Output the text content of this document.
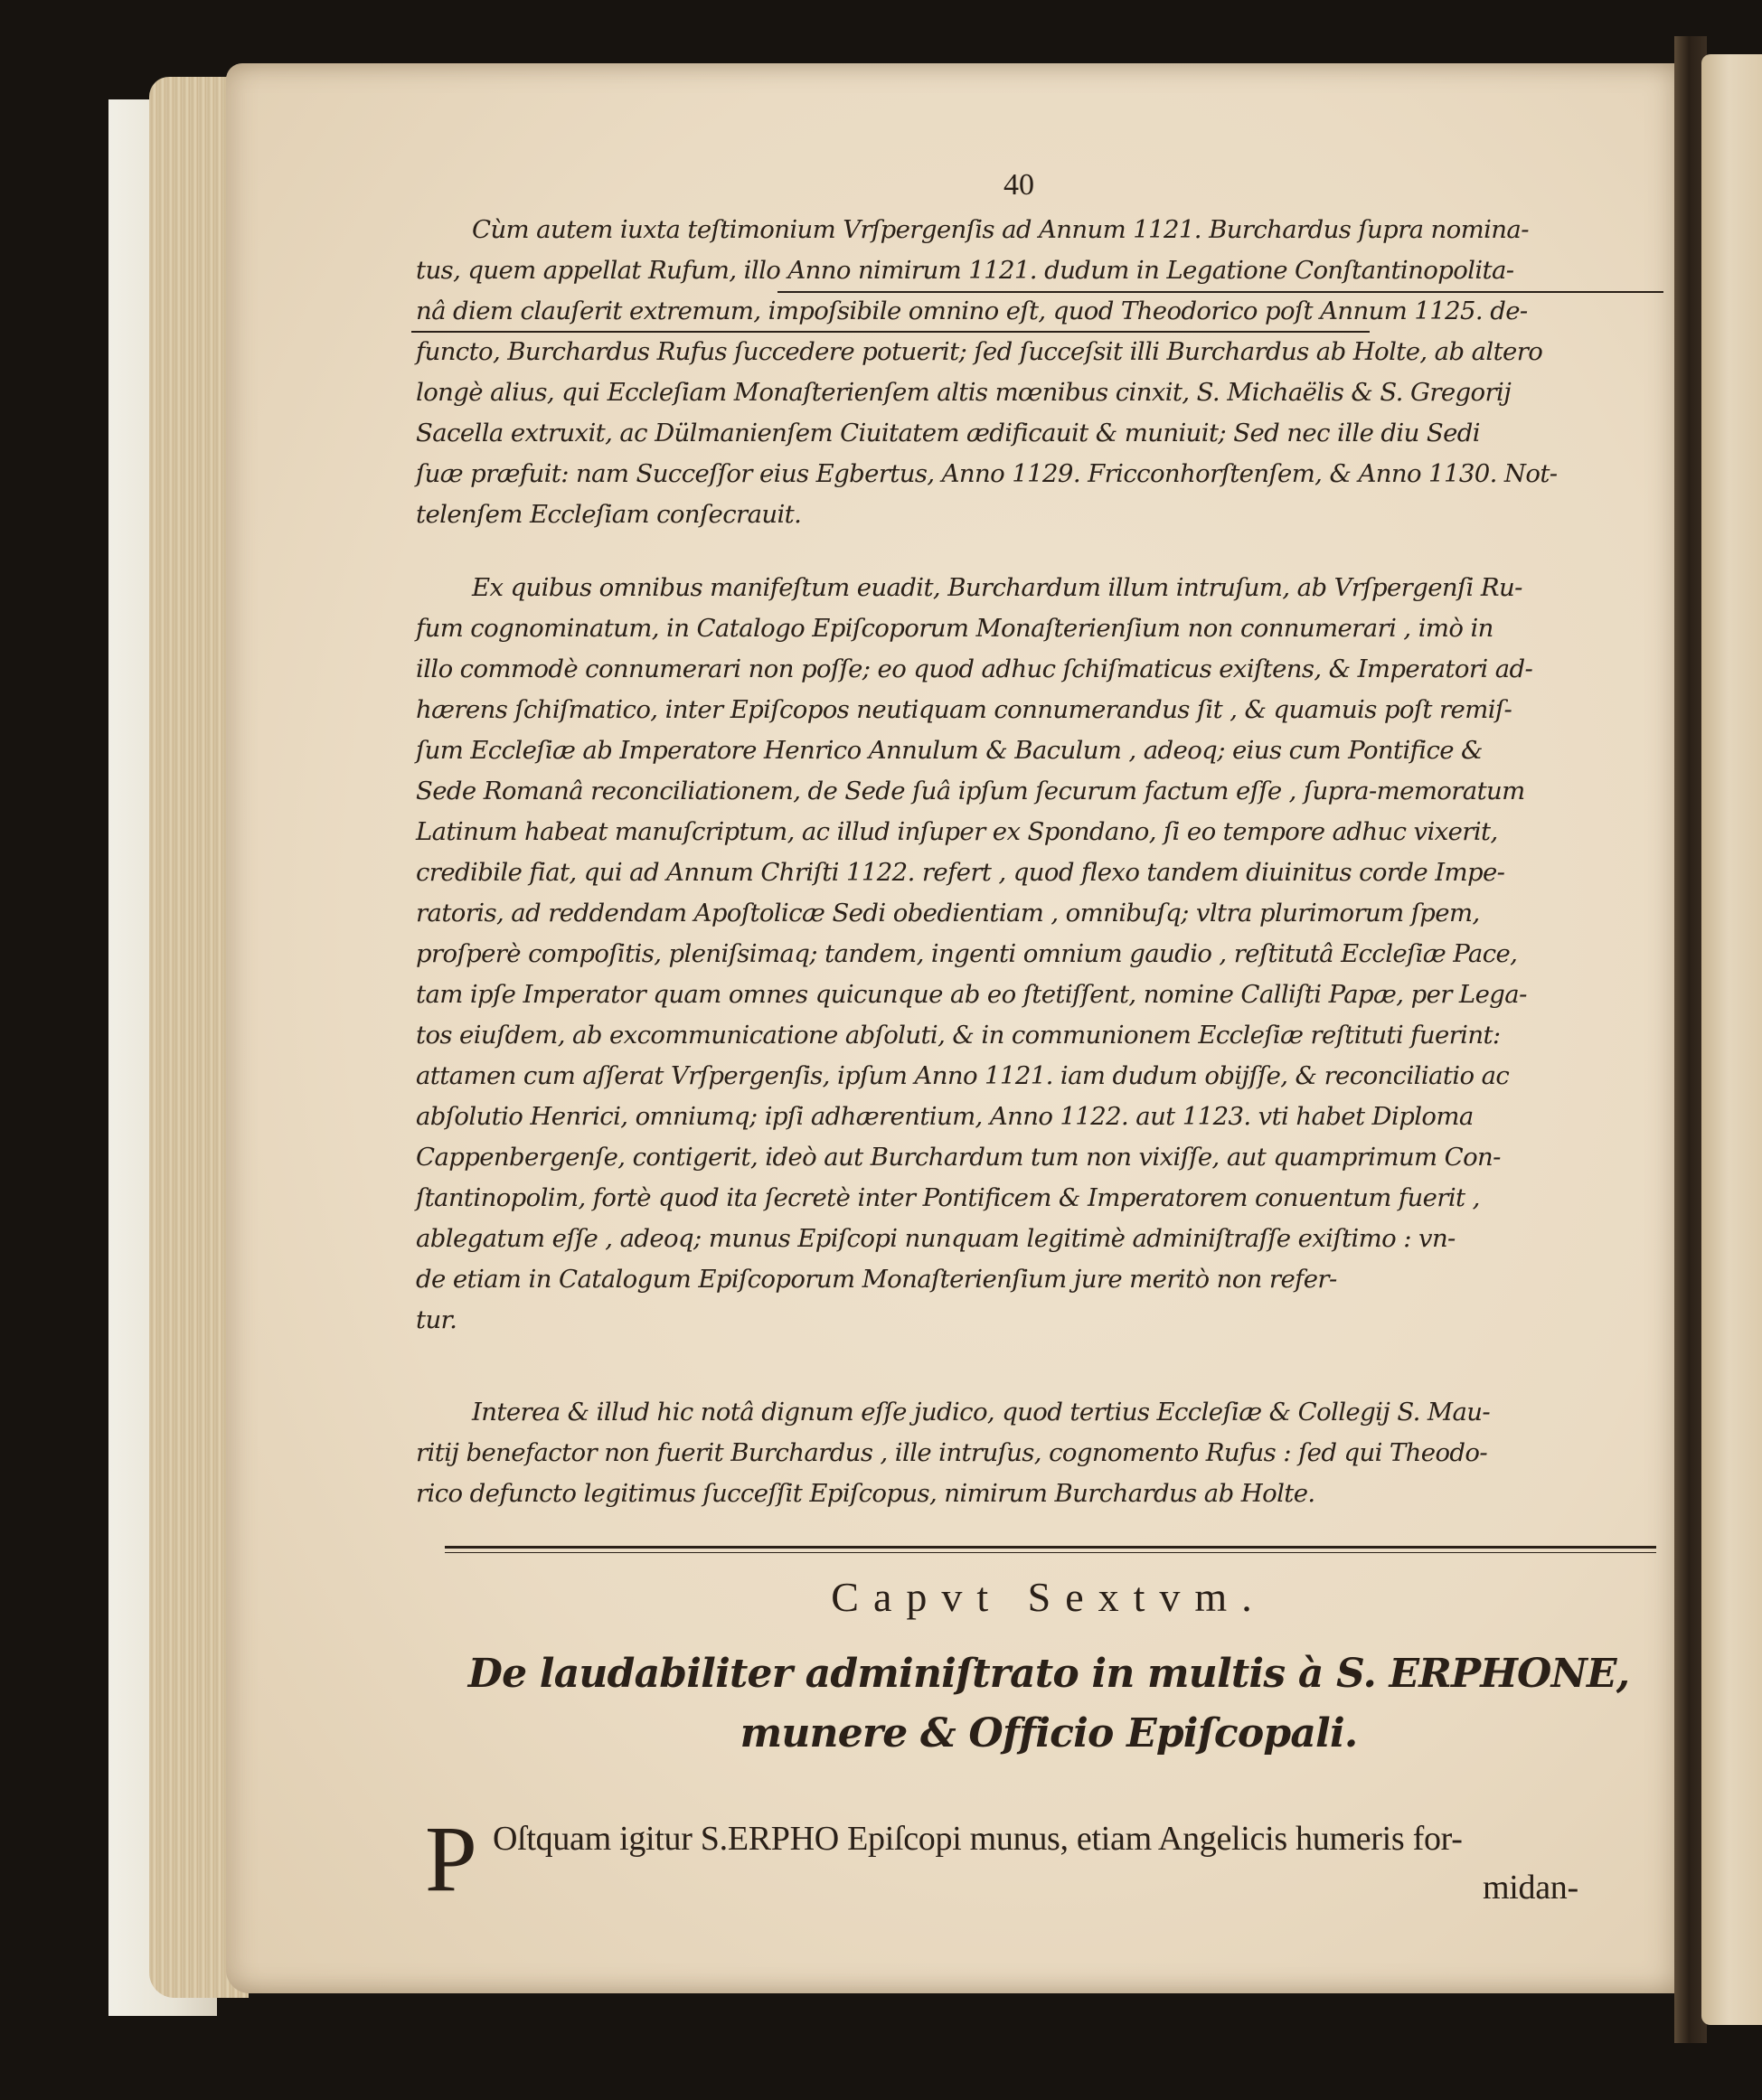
40
Cùm autem iuxta teſtimonium Vrſpergenſis ad Annum 1121. Burchardus ſupra nomina-
tus, quem appellat Rufum, illo Anno nimirum 1121. dudum in Legatione Conſtantinopolita-
nâ diem clauſerit extremum, impoſsibile omnino eſt, quod Theodorico poſt Annum 1125. de-
functo, Burchardus Rufus ſuccedere potuerit; ſed ſucceſsit illi Burchardus ab Holte, ab altero
longè alius, qui Eccleſiam Monaſterienſem altis mœnibus cinxit, S. Michaëlis & S. Gregorij
Sacella extruxit, ac Dülmanienſem Ciuitatem ædificauit & muniuit; Sed nec ille diu Sedi
ſuæ præfuit: nam Succeſſor eius Egbertus, Anno 1129. Fricconhorſtenſem, & Anno 1130. Not-
telenſem Eccleſiam conſecrauit.
Ex quibus omnibus manifeſtum euadit, Burchardum illum intruſum, ab Vrſpergenſi Ru-
fum cognominatum, in Catalogo Epiſcoporum Monaſterienſium non connumerari , imò in
illo commodè connumerari non poſſe; eo quod adhuc ſchiſmaticus exiſtens, & Imperatori ad-
hærens ſchiſmatico, inter Epiſcopos neutiquam connumerandus ſit , & quamuis poſt remiſ-
ſum Eccleſiæ ab Imperatore Henrico Annulum & Baculum , adeoq; eius cum Pontifice &
Sede Romanâ reconciliationem, de Sede ſuâ ipſum ſecurum factum eſſe , ſupra-memoratum
Latinum habeat manuſcriptum, ac illud inſuper ex Spondano, ſi eo tempore adhuc vixerit,
credibile fiat, qui ad Annum Chriſti 1122. refert , quod flexo tandem diuinitus corde Impe-
ratoris, ad reddendam Apoſtolicæ Sedi obedientiam , omnibuſq; vltra plurimorum ſpem,
proſperè compoſitis, pleniſsimaq; tandem, ingenti omnium gaudio , reſtitutâ Eccleſiæ Pace,
tam ipſe Imperator quam omnes quicunque ab eo ſtetiſſent, nomine Calliſti Papæ, per Lega-
tos eiuſdem, ab excommunicatione abſoluti, & in communionem Eccleſiæ reſtituti fuerint:
attamen cum aſſerat Vrſpergenſis, ipſum Anno 1121. iam dudum obijſſe, & reconciliatio ac
abſolutio Henrici, omniumq; ipſi adhærentium, Anno 1122. aut 1123. vti habet Diploma
Cappenbergenſe, contigerit, ideò aut Burchardum tum non vixiſſe, aut quamprimum Con-
ſtantinopolim, fortè quod ita ſecretè inter Pontificem & Imperatorem conuentum fuerit ,
ablegatum eſſe , adeoq; munus Epiſcopi nunquam legitimè adminiſtraſſe exiſtimo : vn-
de etiam in Catalogum Epiſcoporum Monaſterienſium jure meritò non refer-
tur.
Interea & illud hic notâ dignum eſſe judico, quod tertius Eccleſiæ & Collegij S. Mau-
ritij benefactor non fuerit Burchardus , ille intruſus, cognomento Rufus : ſed qui Theodo-
rico defuncto legitimus ſucceſſit Epiſcopus, nimirum Burchardus ab Holte.
Capvt Sextvm.
De laudabiliter adminiſtrato in multis à S. ERPHONE,
munere & Officio Epiſcopali.
P Oſtquam igitur S.ERPHO Epiſcopi munus, etiam Angelicis humeris for-
midan-
